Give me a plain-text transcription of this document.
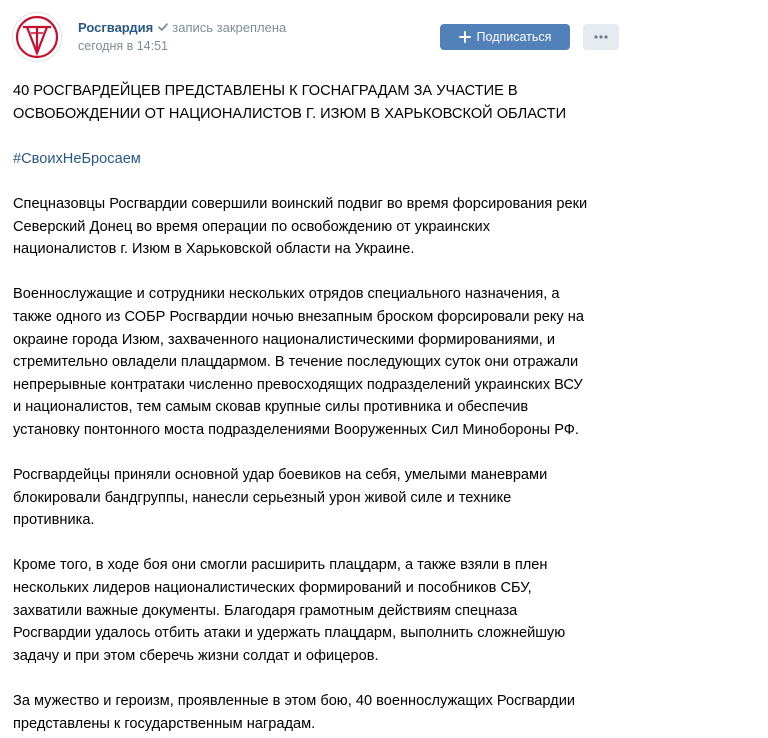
Росгвардия запись закреплена
сегодня в 14:51
Подписаться

40 РОСГВАРДЕЙЦЕВ ПРЕДСТАВЛЕНЫ К ГОСНАГРАДАМ ЗА УЧАСТИЕ В ОСВОБОЖДЕНИИ ОТ НАЦИОНАЛИСТОВ Г. ИЗЮМ В ХАРЬКОВСКОЙ ОБЛАСТИ

#СвоихНеБросаем

Спецназовцы Росгвардии совершили воинский подвиг во время форсирования реки
Северский Донец во время операции по освобождению от украинских
националистов г. Изюм в Харьковской области на Украине.

Военнослужащие и сотрудники нескольких отрядов специального назначения, а
также одного из СОБР Росгвардии ночью внезапным броском форсировали реку на
окраине города Изюм, захваченного националистическими формированиями, и
стремительно овладели плацдармом. В течение последующих суток они отражали
непрерывные контратаки численно превосходящих подразделений украинских ВСУ
и националистов, тем самым сковав крупные силы противника и обеспечив
установку понтонного моста подразделениями Вооруженных Сил Минобороны РФ.

Росгвардейцы приняли основной удар боевиков на себя, умелыми маневрами
блокировали бандгруппы, нанесли серьезный урон живой силе и технике
противника.

Кроме того, в ходе боя они смогли расширить плацдарм, а также взяли в плен
нескольких лидеров националистических формирований и пособников СБУ,
захватили важные документы. Благодаря грамотным действиям спецназа
Росгвардии удалось отбить атаки и удержать плацдарм, выполнить сложнейшую
задачу и при этом сберечь жизни солдат и офицеров.

За мужество и героизм, проявленные в этом бою, 40 военнослужащих Росгвардии
представлены к государственным наградам.
